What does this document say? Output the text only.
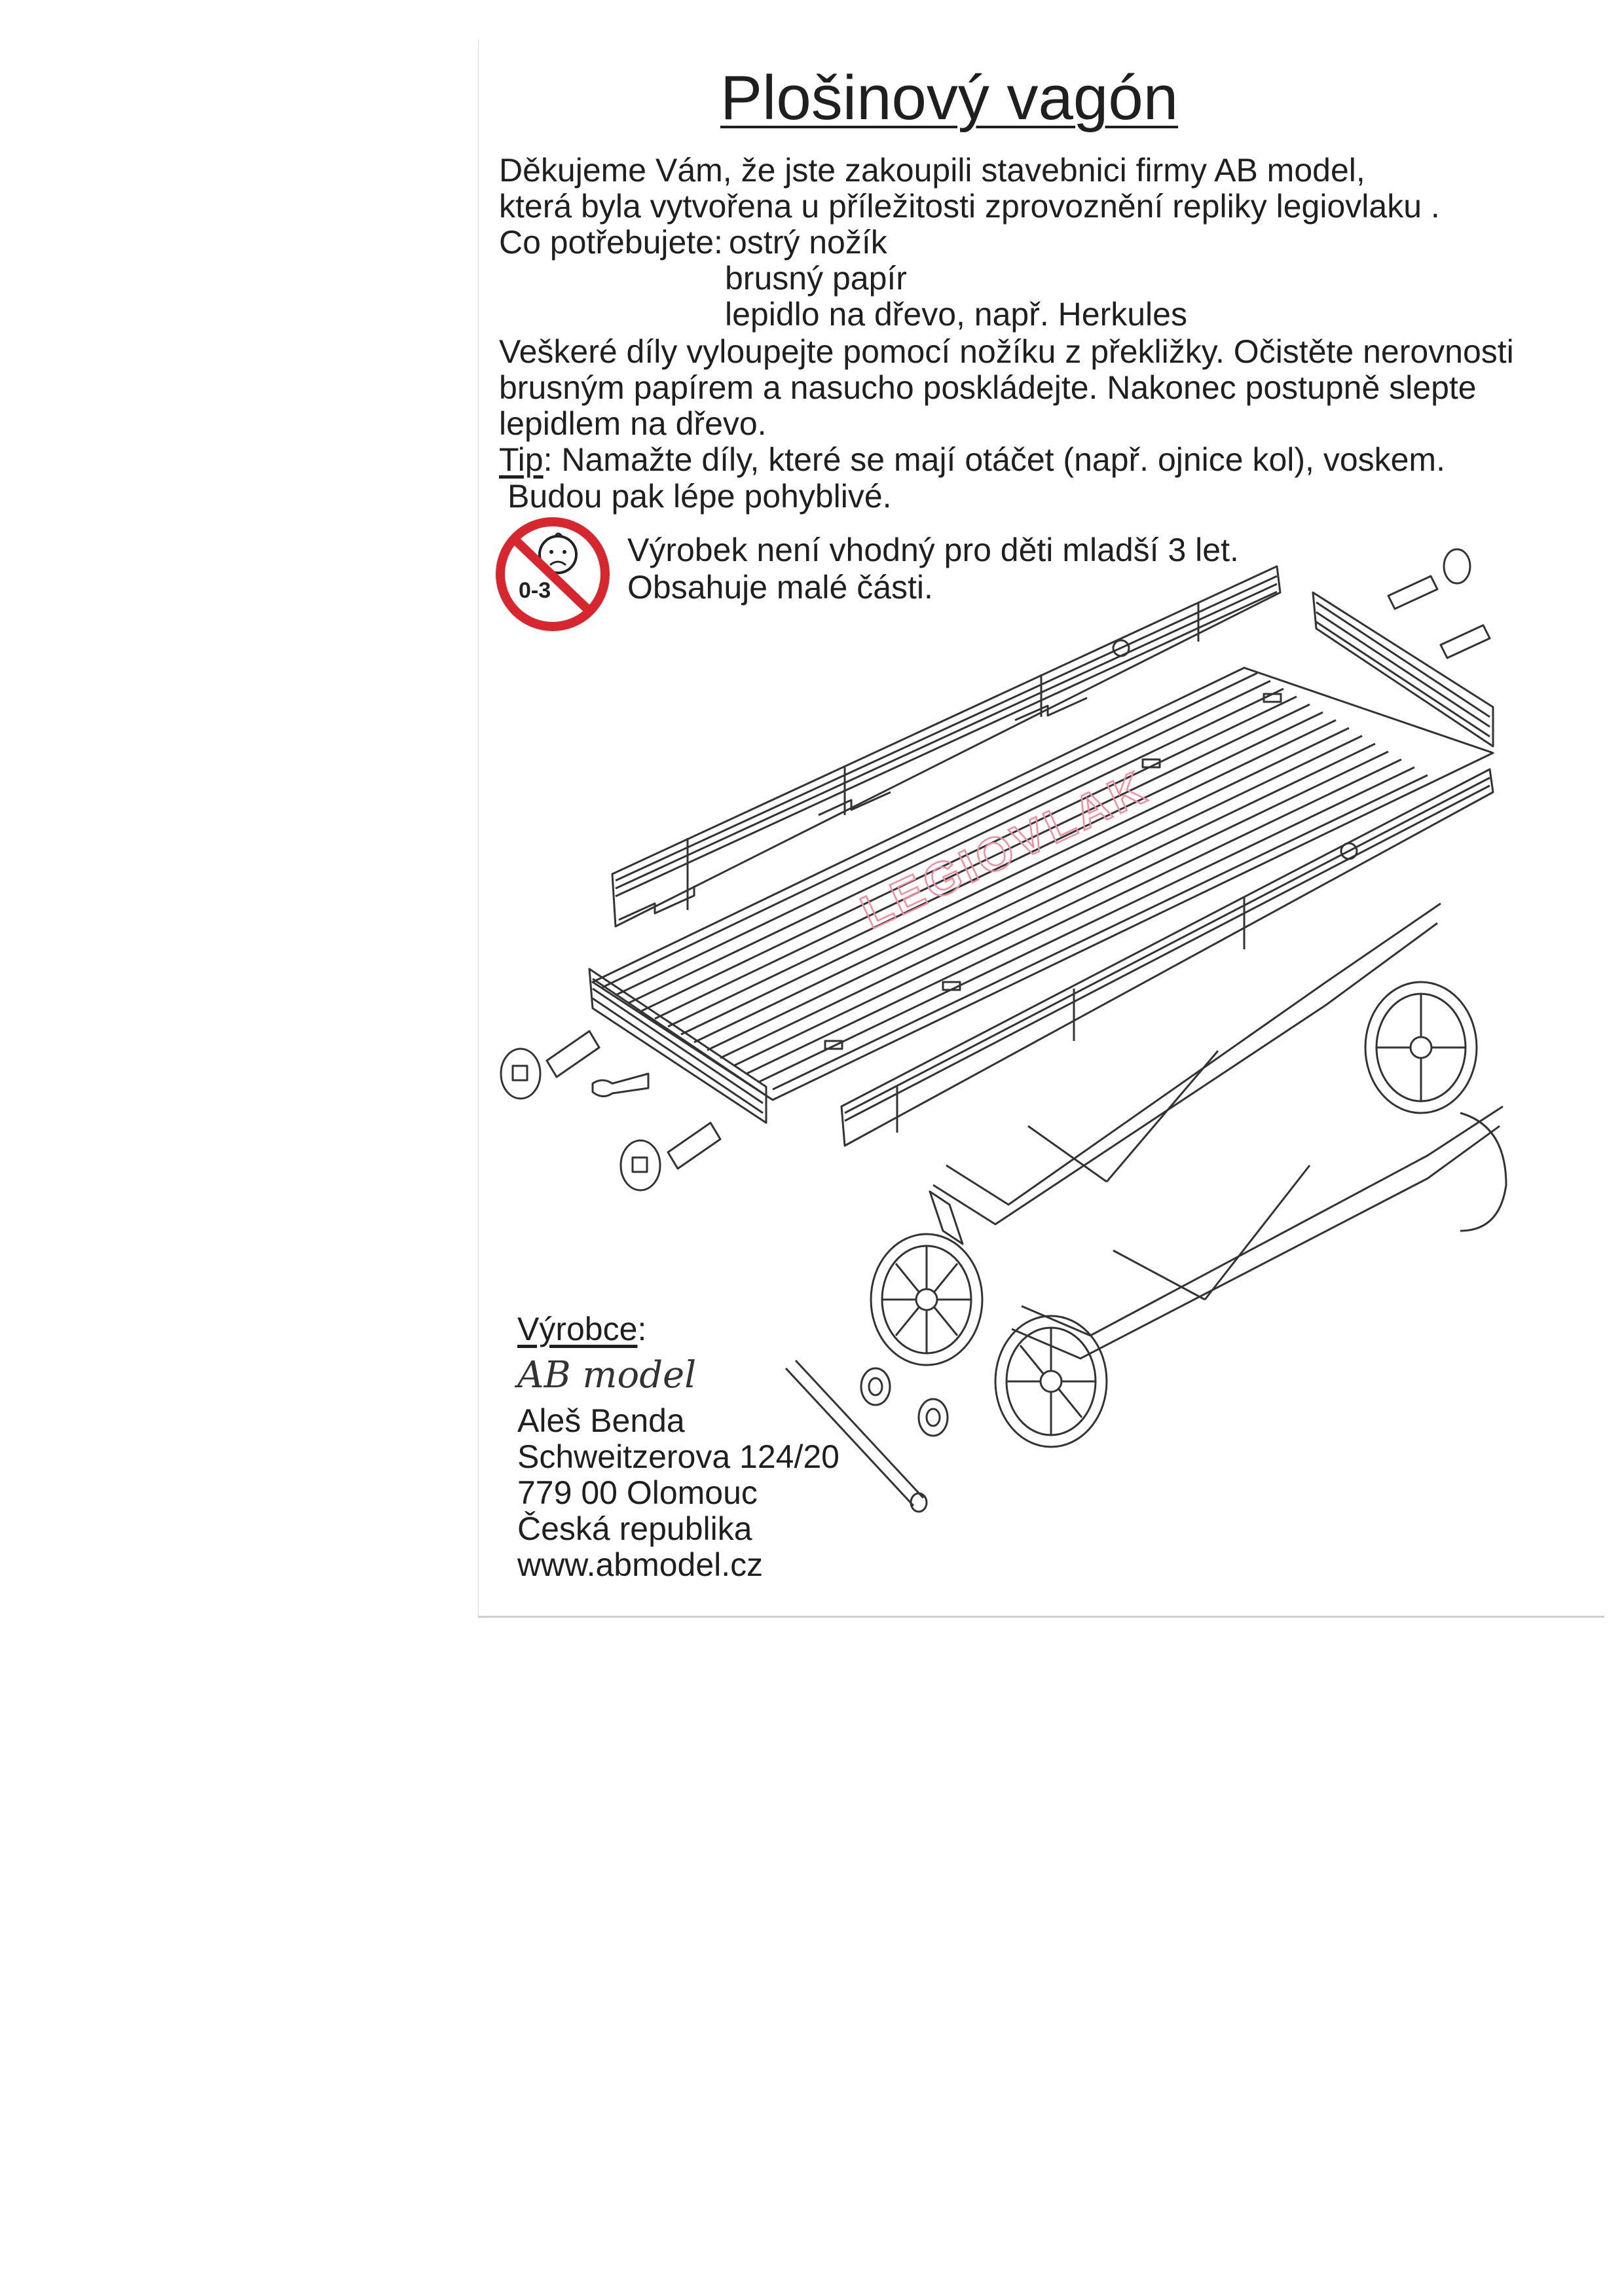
Plošinový vagón
Děkujeme Vám, že jste zakoupili stavebnici firmy AB model,
která byla vytvořena u příležitosti zprovoznění repliky legiovlaku .
Co potřebujete: ostrý nožík
brusný papír
lepidlo na dřevo, např. Herkules
Veškeré díly vyloupejte pomocí nožíku z překližky. Očistěte nerovnosti
brusným papírem a nasucho poskládejte. Nakonec postupně slepte
lepidlem na dřevo.
Tip: Namažte díly, které se mají otáčet (např. ojnice kol), voskem.
Budou pak lépe pohyblivé.
0-3
Výrobek není vhodný pro děti mladší 3 let.
Obsahuje malé části.
LEGIOVLAK
Výrobce:
AB model
Aleš Benda
Schweitzerova 124/20
779 00 Olomouc
Česká republika
www.abmodel.cz
